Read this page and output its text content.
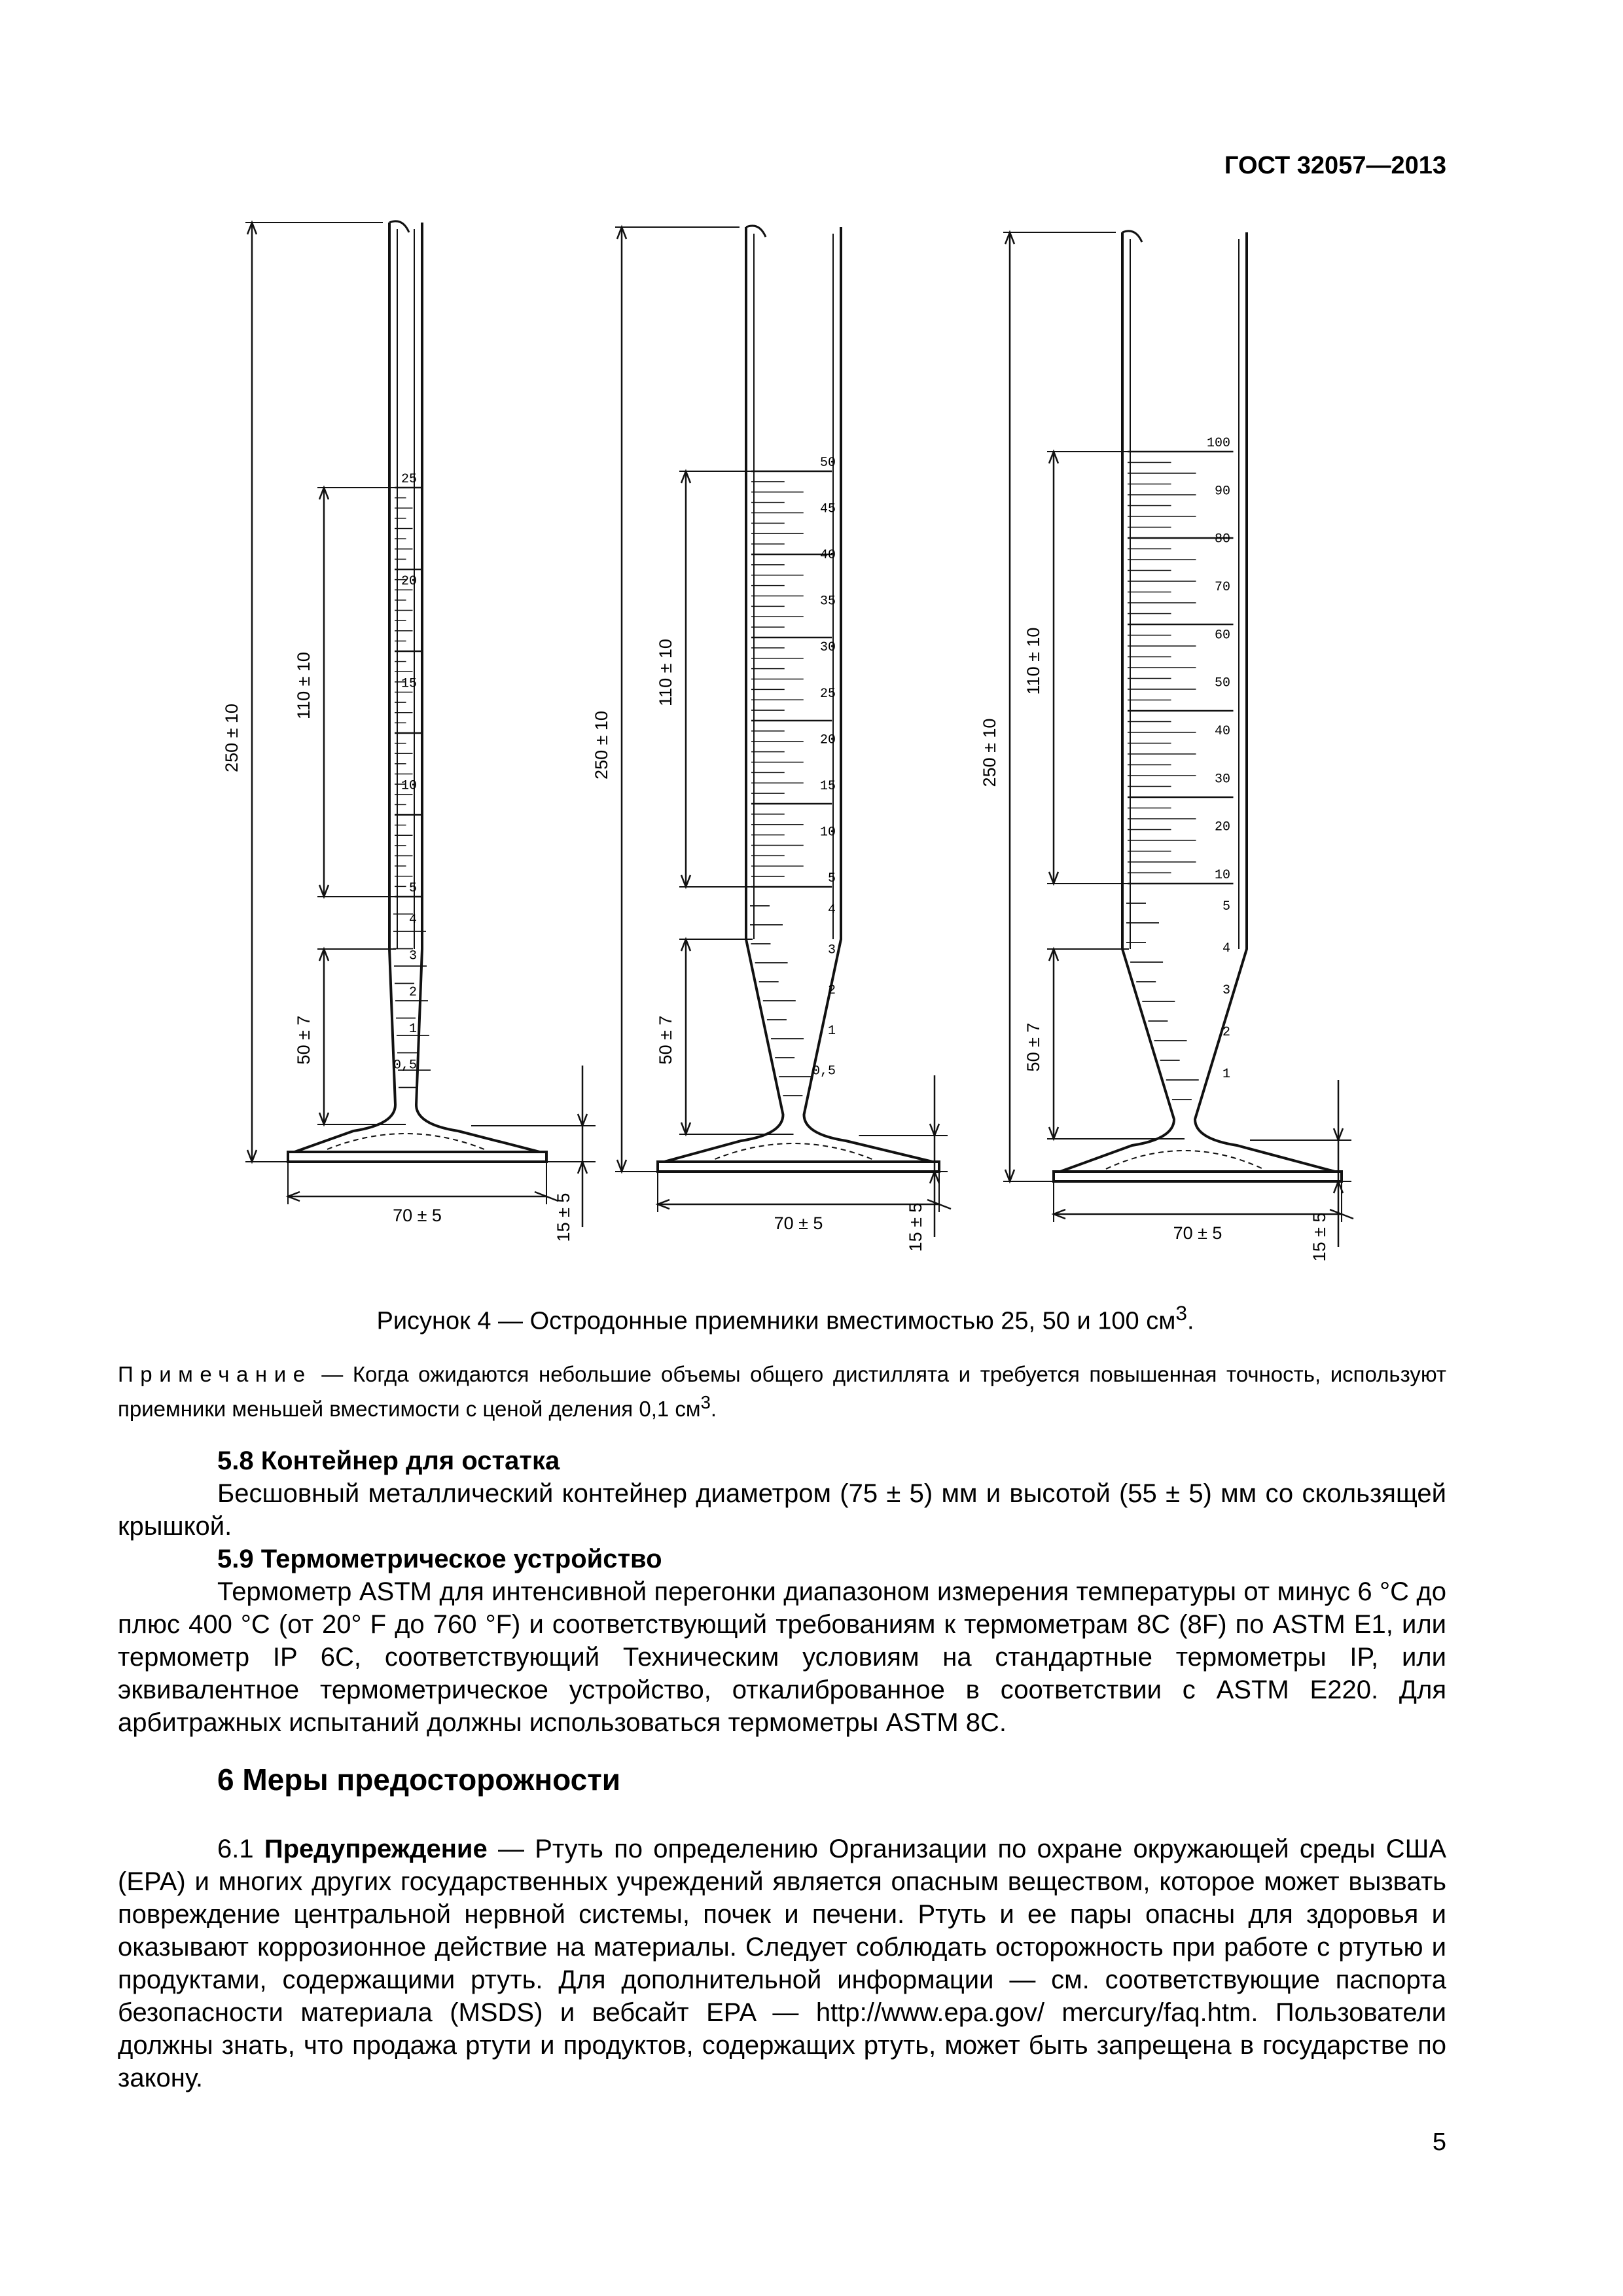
ГОСТ 32057—2013
25
20
15
10
5
4
3
2
1
0,5
250 ± 10
110 ± 10
50 ± 7
70 ± 5	15 ± 5
50
45
40
35
30
25
20
15
10
5
4
3
2
1
0,5
250 ± 10
110 ± 10
50 ± 7
70 ± 5	15 ± 5
100
90
80
70
60
50
40
30
20
10
5
4
3
2
1
250 ± 10
110 ± 10
50 ± 7
70 ± 5	15 ± 5
Рисунок 4 — Остродонные приемники вместимостью 25, 50 и 100 $см^3$.
Примечание — Когда ожидаются небольшие объемы общего дистиллята и требуется повышенная точность, используют приемники меньшей вместимости с ценой деления 0,1 $см^3$.
5.8 Контейнер для остатка
Бесшовный металлический контейнер диаметром (75 ± 5) мм и высотой (55 ± 5) мм со скользящей крышкой.
5.9 Термометрическое устройство
Термометр ASTM для интенсивной перегонки диапазоном измерения температуры от минус 6 °С до плюс 400 °С (от 20° F до 760 °F) и соответствующий требованиям к термометрам 8С (8F) по ASTM E1, или термометр IP 6C, соответствующий Техническим условиям на стандартные термометры IP, или эквивалентное термометрическое устройство, откалиброванное в соответствии с ASTM E220. Для арбитражных испытаний должны использоваться термометры ASTM 8C.
6 Меры предосторожности
6.1 Предупреждение — Ртуть по определению Организации по охране окружающей среды США (EPA) и многих других государственных учреждений является опасным веществом, которое может вызвать повреждение центральной нервной системы, почек и печени. Ртуть и ее пары опасны для здоровья и оказывают коррозионное действие на материалы. Следует соблюдать осторожность при работе с ртутью и продуктами, содержащими ртуть. Для дополнительной информации — см. соответствующие паспорта безопасности материала (MSDS) и вебсайт EPA — http://www.epa.gov/ mercury/faq.htm. Пользователи должны знать, что продажа ртути и продуктов, содержащих ртуть, может быть запрещена в государстве по закону.
5
